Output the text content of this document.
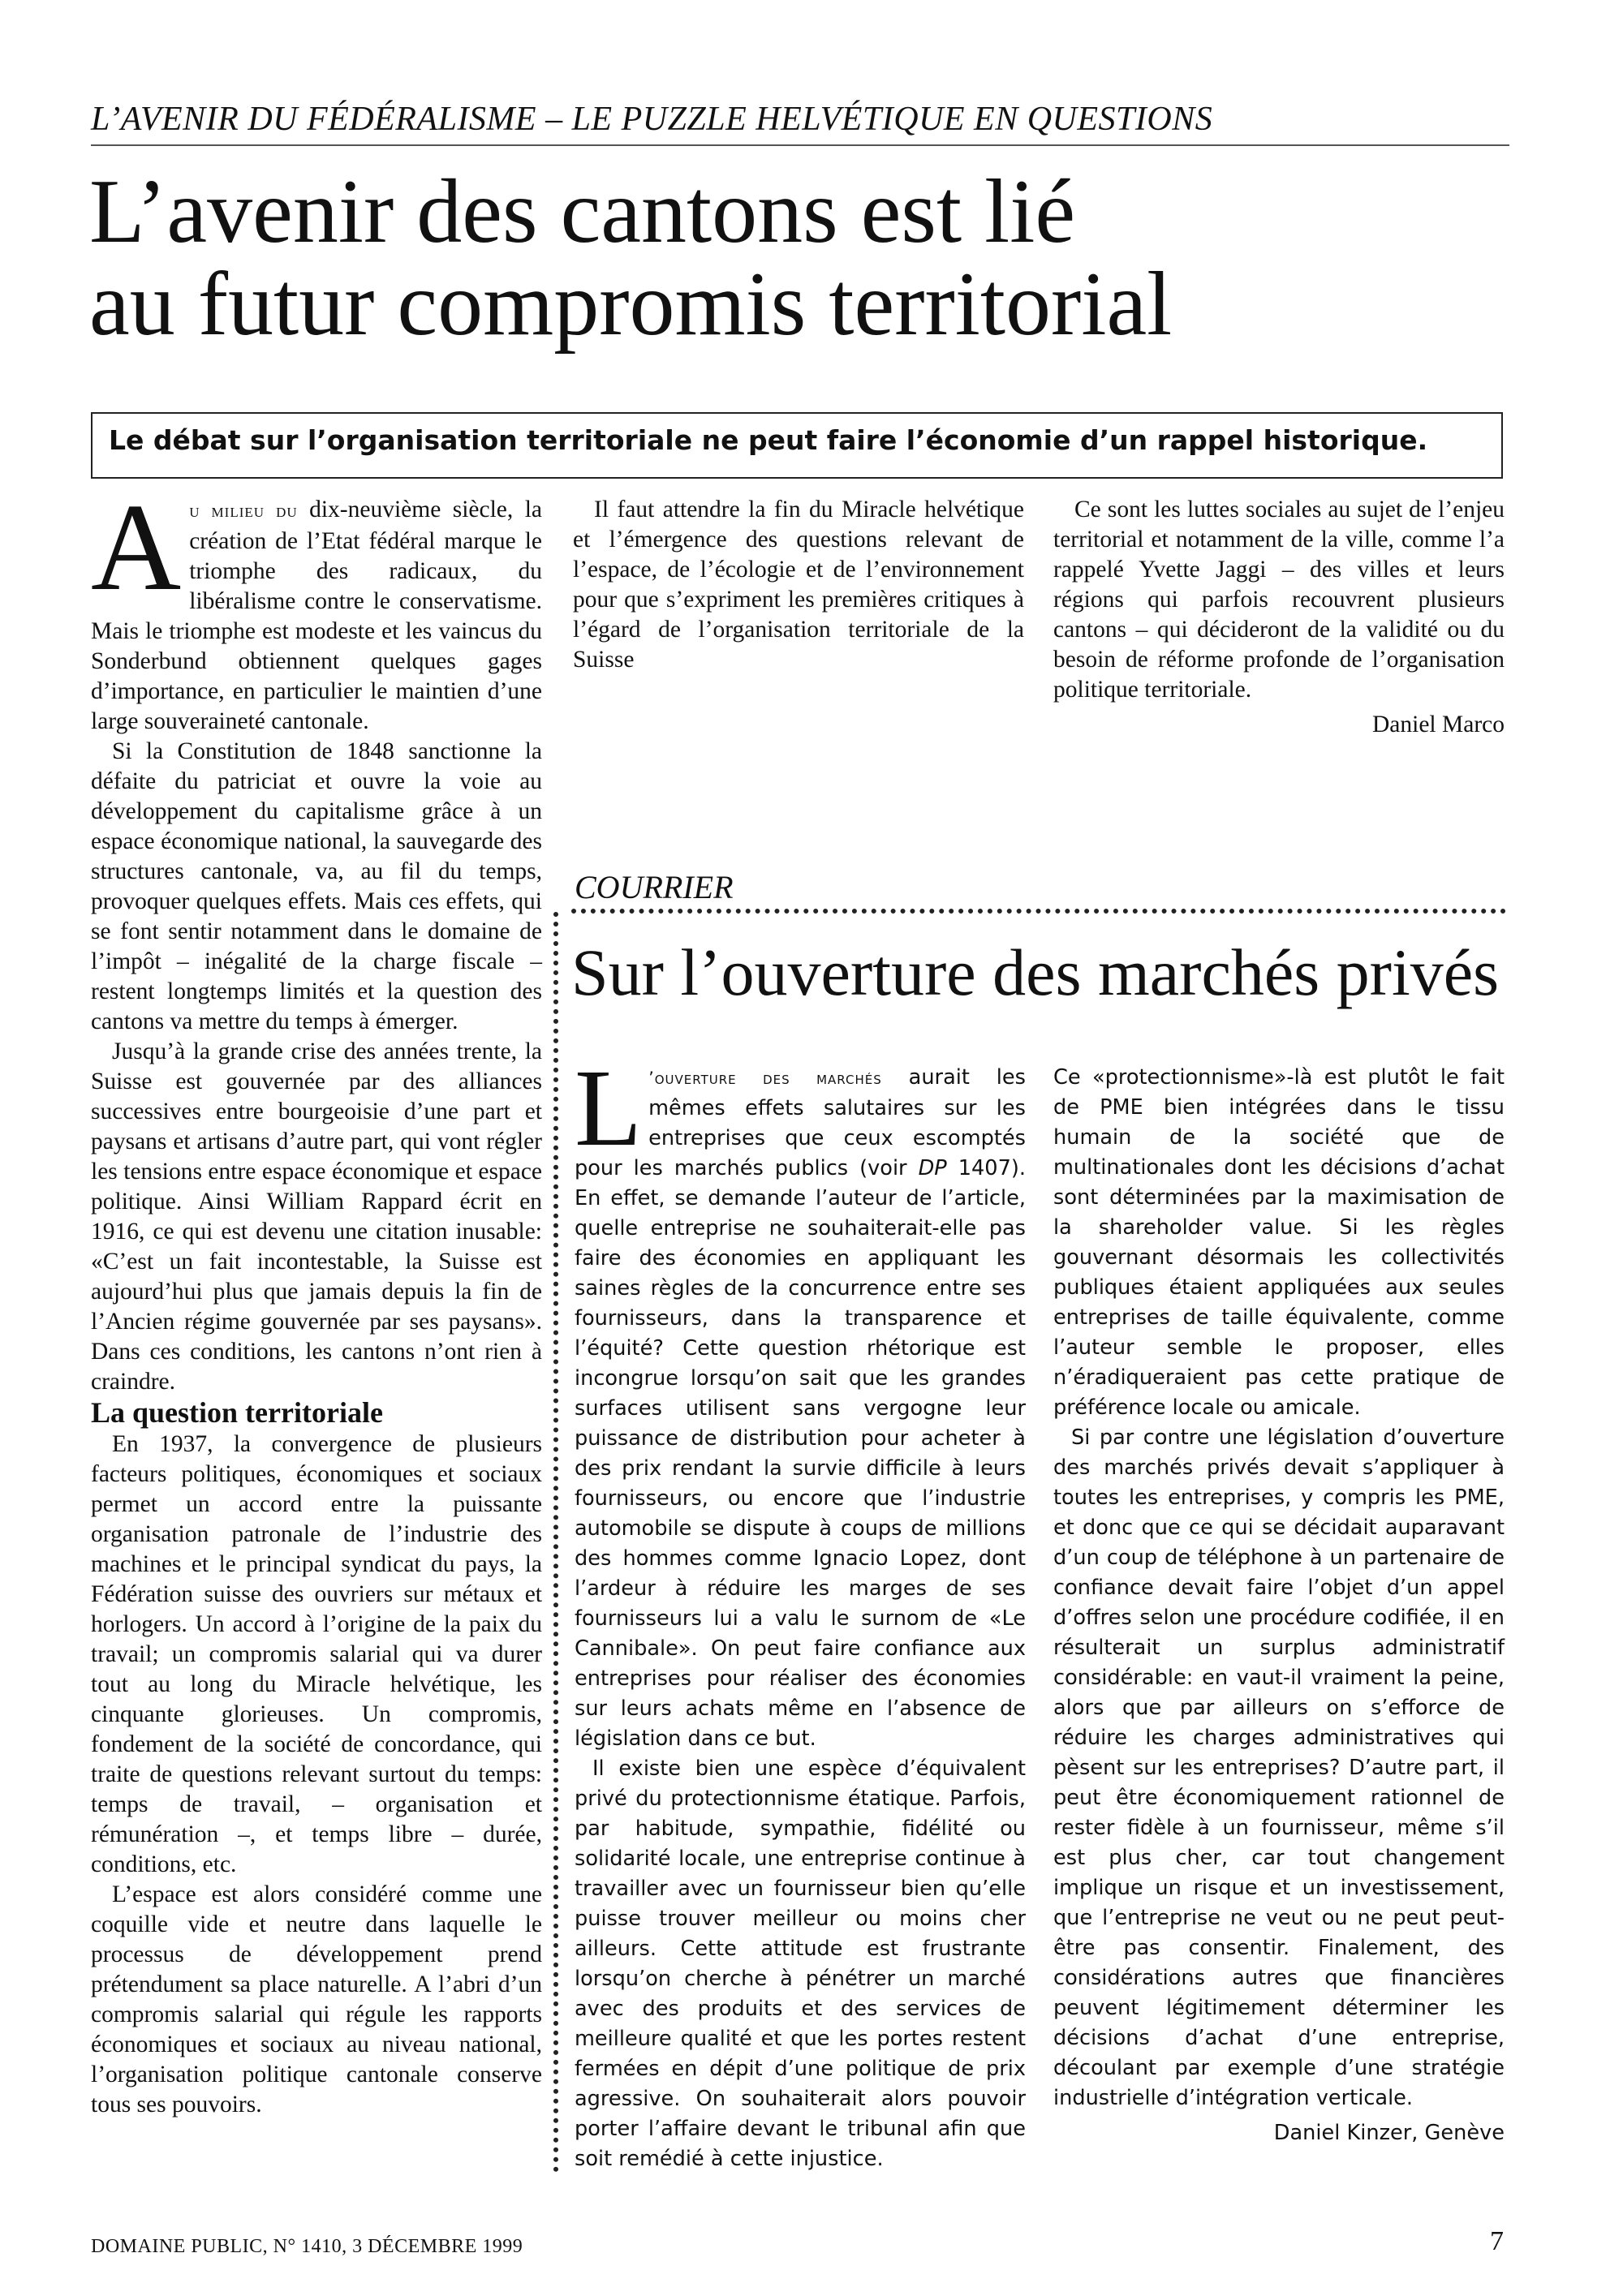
L’AVENIR DU FÉDÉRALISME – LE PUZZLE HELVÉTIQUE EN QUESTIONS
L’avenir des cantons est lié
au futur compromis territorial
Le débat sur l’organisation territoriale ne peut faire l’économie d’un rappel historique.

Au milieu du dix-neuvième siècle, la création de l’Etat fédéral marque le triomphe des radicaux, du libéralisme contre le conservatisme. Mais le triomphe est modeste et les vaincus du Sonderbund obtiennent quelques gages d’importance, en particulier le maintien d’une large souveraineté cantonale.

Si la Constitution de 1848 sanctionne la défaite du patriciat et ouvre la voie au développement du capitalisme grâce à un espace économique national, la sauvegarde des structures cantonale, va, au fil du temps, provoquer quelques effets. Mais ces effets, qui se font sentir notamment dans le domaine de l’impôt – inégalité de la charge fiscale – restent longtemps limités et la question des cantons va mettre du temps à émerger.

Jusqu’à la grande crise des années trente, la Suisse est gouvernée par des alliances successives entre bourgeoisie d’une part et paysans et artisans d’autre part, qui vont régler les tensions entre espace économique et espace politique. Ainsi William Rappard écrit en 1916, ce qui est devenu une citation inusable: «C’est un fait incontestable, la Suisse est aujourd’hui plus que jamais depuis la fin de l’Ancien régime gouvernée par ses paysans». Dans ces conditions, les cantons n’ont rien à craindre.

La question territoriale

En 1937, la convergence de plusieurs facteurs politiques, économiques et sociaux permet un accord entre la puissante organisation patronale de l’industrie des machines et le principal syndicat du pays, la Fédération suisse des ouvriers sur métaux et horlogers. Un accord à l’origine de la paix du travail; un compromis salarial qui va durer tout au long du Miracle helvétique, les cinquante glorieuses. Un compromis, fondement de la société de concordance, qui traite de questions relevant surtout du temps: temps de travail, – organisation et rémunération –, et temps libre – durée, conditions, etc.

L’espace est alors considéré comme une coquille vide et neutre dans laquelle le processus de développement prend prétendument sa place naturelle. A l’abri d’un compromis salarial qui régule les rapports économiques et sociaux au niveau national, l’organisation politique cantonale conserve tous ses pouvoirs.

Il faut attendre la fin du Miracle helvétique et l’émergence des questions relevant de l’espace, de l’écologie et de l’environnement pour que s’expriment les premières critiques à l’égard de l’organisation territoriale de la Suisse

Ce sont les luttes sociales au sujet de l’enjeu territorial et notamment de la ville, comme l’a rappelé Yvette Jaggi – des villes et leurs régions qui parfois recouvrent plusieurs cantons – qui décideront de la validité ou du besoin de réforme profonde de l’organisation politique territoriale.

Daniel Marco
COURRIER
Sur l’ouverture des marchés privés

L ’ouverture des marchés aurait les mêmes effets salutaires sur les entreprises que ceux escomptés pour les marchés publics (voir DP 1407). En effet, se demande l’auteur de l’article, quelle entreprise ne souhaiterait-elle pas faire des économies en appliquant les saines règles de la concurrence entre ses fournisseurs, dans la transparence et l’équité? Cette question rhétorique est incongrue lorsqu’on sait que les grandes surfaces utilisent sans vergogne leur puissance de distribution pour acheter à des prix rendant la survie difficile à leurs fournisseurs, ou encore que l’industrie automobile se dispute à coups de millions des hommes comme Ignacio Lopez, dont l’ardeur à réduire les marges de ses fournisseurs lui a valu le surnom de «Le Cannibale». On peut faire confiance aux entreprises pour réaliser des économies sur leurs achats même en l’absence de législation dans ce but.

Il existe bien une espèce d’équivalent privé du protectionnisme étatique. Parfois, par habitude, sympathie, fidélité ou solidarité locale, une entreprise continue à travailler avec un fournisseur bien qu’elle puisse trouver meilleur ou moins cher ailleurs. Cette attitude est frustrante lorsqu’on cherche à pénétrer un marché avec des produits et des services de meilleure qualité et que les portes restent fermées en dépit d’une politique de prix agressive. On souhaiterait alors pouvoir porter l’affaire devant le tribunal afin que soit remédié à cette injustice.

Ce «protectionnisme»-là est plutôt le fait de PME bien intégrées dans le tissu humain de la société que de multinationales dont les décisions d’achat sont déterminées par la maximisation de la shareholder value. Si les règles gouvernant désormais les collectivités publiques étaient appliquées aux seules entreprises de taille équivalente, comme l’auteur semble le proposer, elles n’éradiqueraient pas cette pratique de préférence locale ou amicale.

Si par contre une législation d’ouverture des marchés privés devait s’appliquer à toutes les entreprises, y compris les PME, et donc que ce qui se décidait auparavant d’un coup de téléphone à un partenaire de confiance devait faire l’objet d’un appel d’offres selon une procédure codifiée, il en résulterait un surplus administratif considérable: en vaut-il vraiment la peine, alors que par ailleurs on s’efforce de réduire les charges administratives qui pèsent sur les entreprises? D’autre part, il peut être économiquement rationnel de rester fidèle à un fournisseur, même s’il est plus cher, car tout changement implique un risque et un investissement, que l’entreprise ne veut ou ne peut peut-être pas consentir. Finalement, des considérations autres que financières peuvent légitimement déterminer les décisions d’achat d’une entreprise, découlant par exemple d’une stratégie industrielle d’intégration verticale.

Daniel Kinzer, Genève
DOMAINE PUBLIC, N° 1410, 3 DÉCEMBRE 1999	7
